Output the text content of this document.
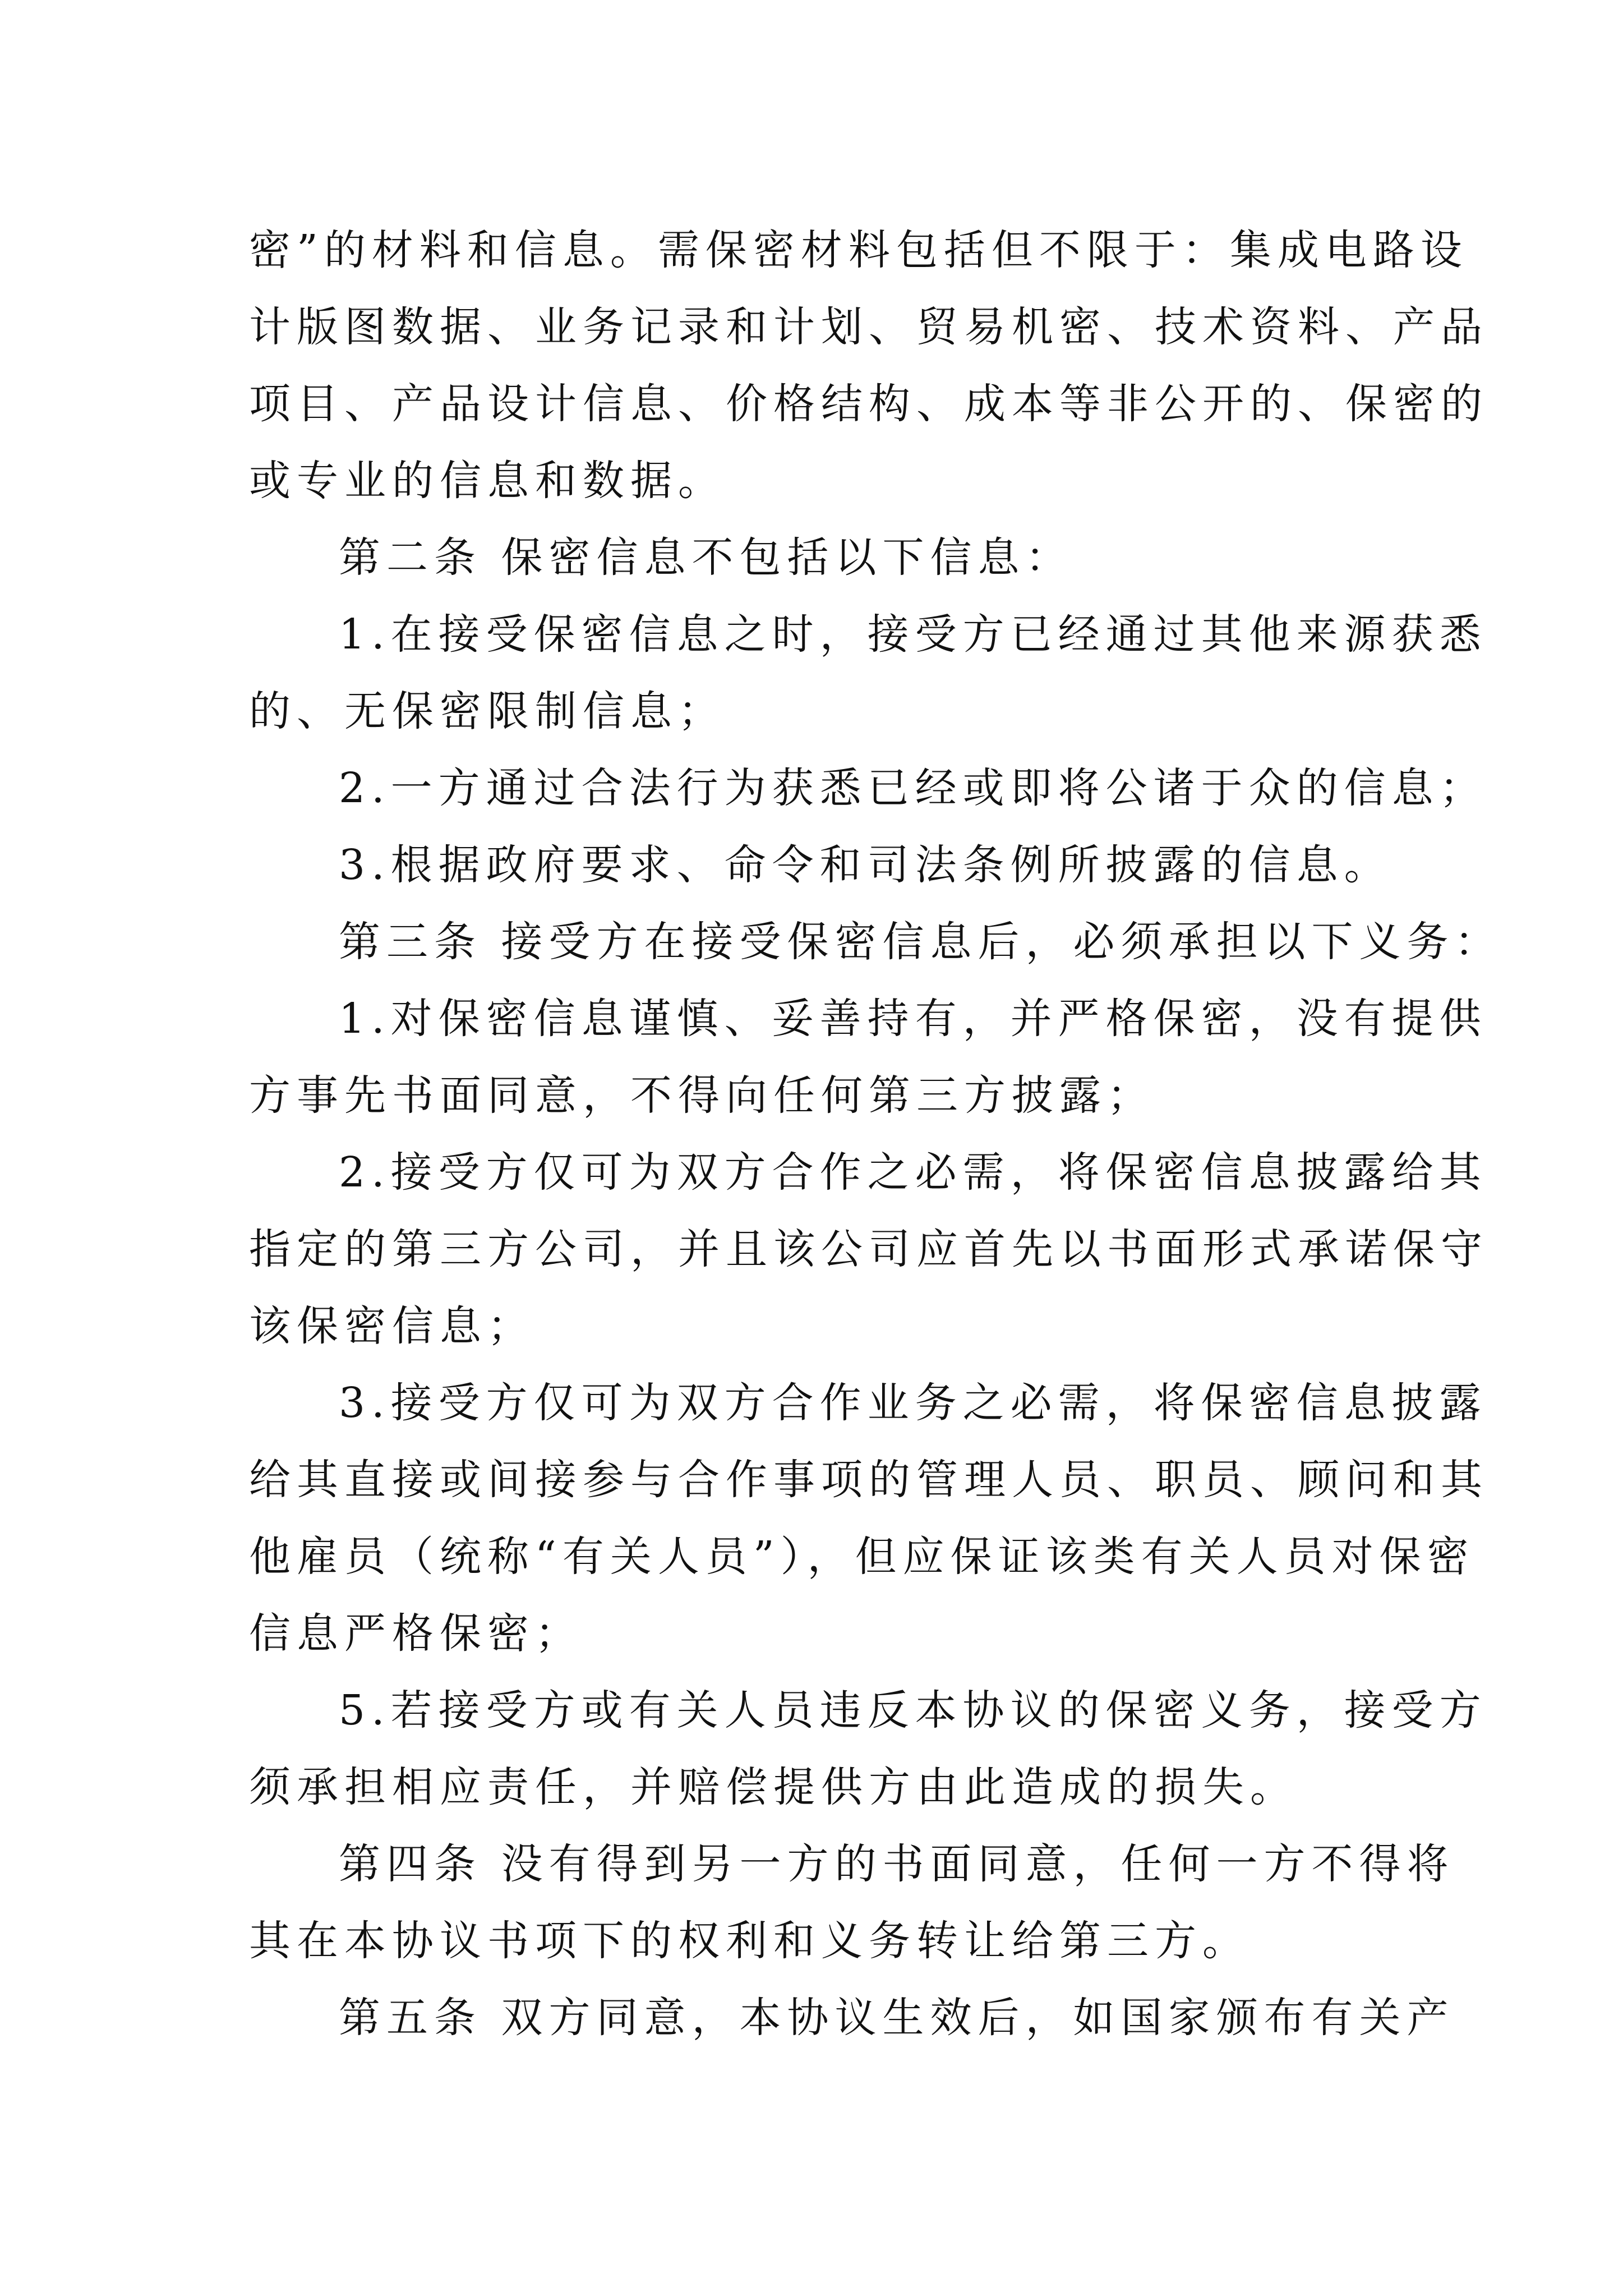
密”的材料和信息。需保密材料包括但不限于：集成电路设
计版图数据、业务记录和计划、贸易机密、技术资料、产品
项目、产品设计信息、价格结构、成本等非公开的、保密的
或专业的信息和数据。
第二条 保密信息不包括以下信息：
1.在接受保密信息之时，接受方已经通过其他来源获悉
的、无保密限制信息；
2.一方通过合法行为获悉已经或即将公诸于众的信息；
3.根据政府要求、命令和司法条例所披露的信息。
第三条 接受方在接受保密信息后，必须承担以下义务：
1.对保密信息谨慎、妥善持有，并严格保密，没有提供
方事先书面同意，不得向任何第三方披露；
2.接受方仅可为双方合作之必需，将保密信息披露给其
指定的第三方公司，并且该公司应首先以书面形式承诺保守
该保密信息；
3.接受方仅可为双方合作业务之必需，将保密信息披露
给其直接或间接参与合作事项的管理人员、职员、顾问和其
他雇员（统称“有关人员”），但应保证该类有关人员对保密
信息严格保密；
5.若接受方或有关人员违反本协议的保密义务，接受方
须承担相应责任，并赔偿提供方由此造成的损失。
第四条 没有得到另一方的书面同意，任何一方不得将
其在本协议书项下的权利和义务转让给第三方。
第五条 双方同意，本协议生效后，如国家颁布有关产
